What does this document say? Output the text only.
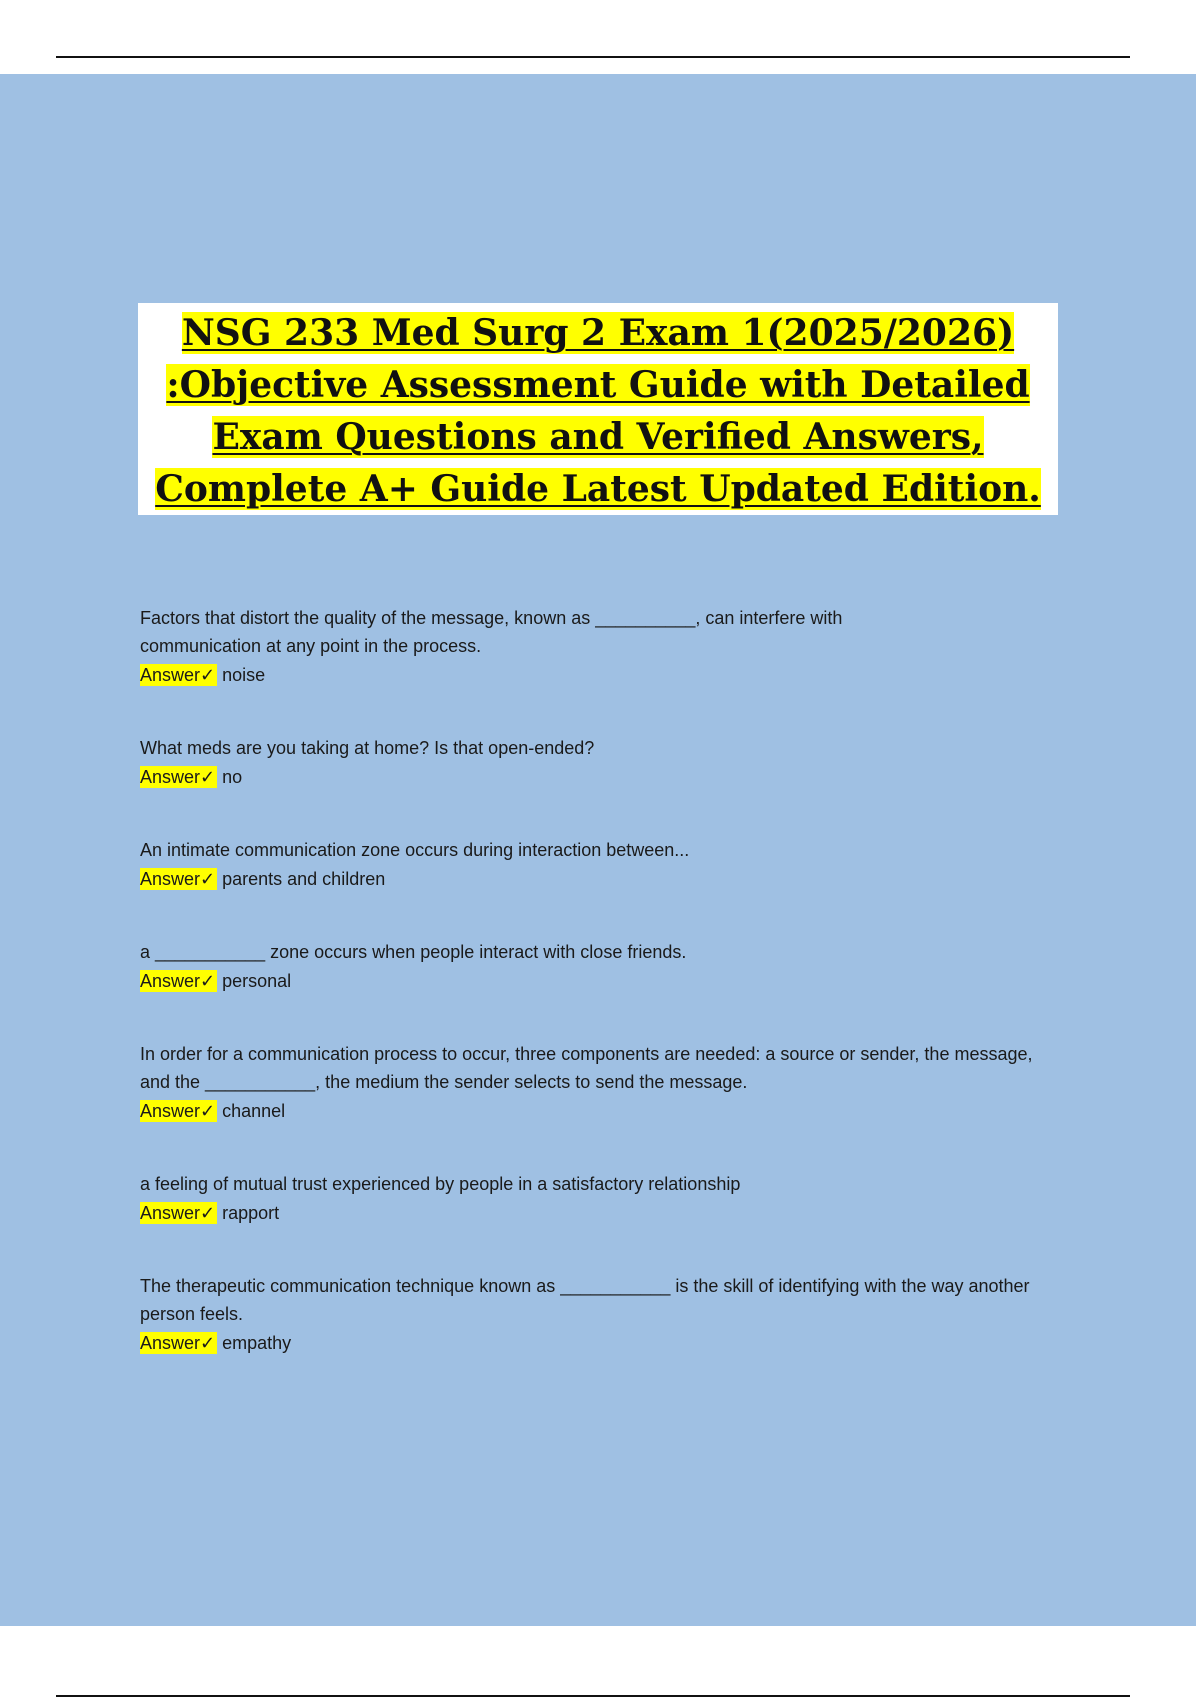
NSG 233 Med Surg 2 Exam 1(2025/2026)

:Objective Assessment Guide with Detailed

Exam Questions and Verified Answers,

Complete A+ Guide Latest Updated Edition.

Factors that distort the quality of the message, known as __________, can interfere with communication at any point in the process.

Answer✓ noise

What meds are you taking at home? Is that open-ended?

Answer✓ no

An intimate communication zone occurs during interaction between...

Answer✓ parents and children

a ___________ zone occurs when people interact with close friends.

Answer✓ personal

In order for a communication process to occur, three components are needed: a source or sender, the message, and the ___________, the medium the sender selects to send the message.

Answer✓ channel

a feeling of mutual trust experienced by people in a satisfactory relationship

Answer✓ rapport

The therapeutic communication technique known as ___________ is the skill of identifying with the way another person feels.

Answer✓ empathy
